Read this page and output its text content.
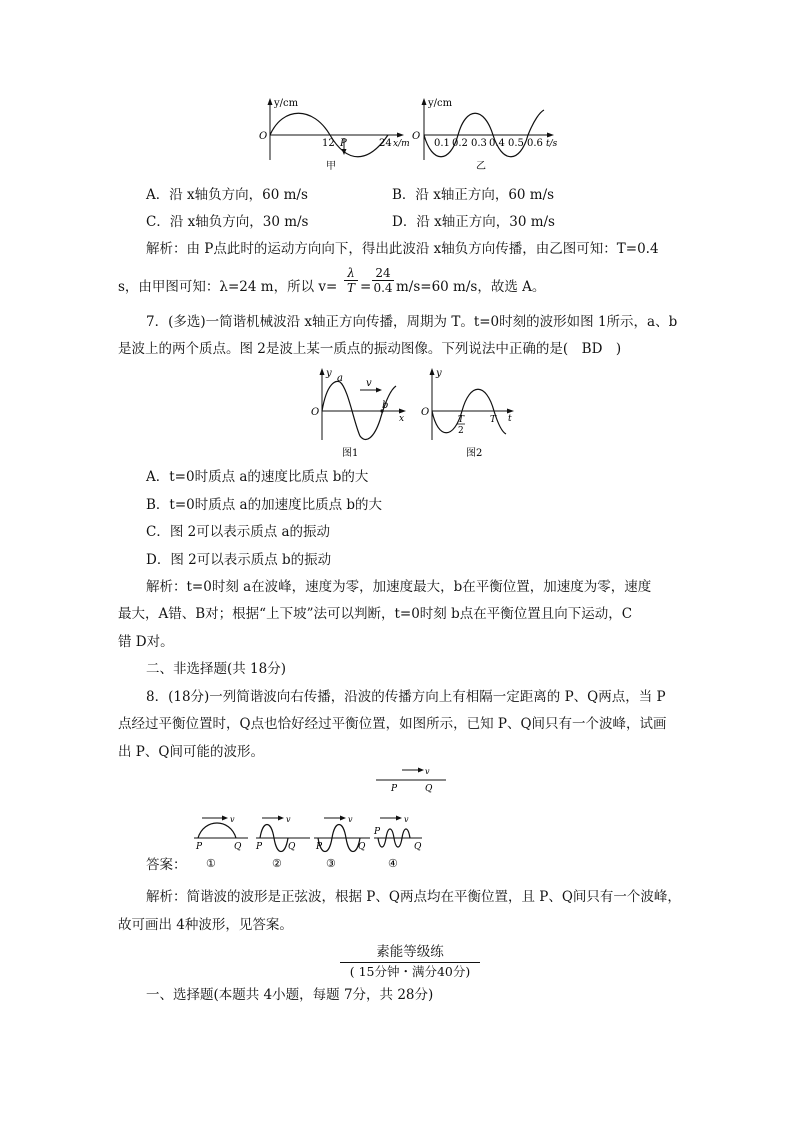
y/cm
O
12 P	24 x/m
甲
y/cm
O
0.1 0.2 0.3 0.4 0.5 0.6 t/s
乙
A．沿 x轴负方向，60 m/s	B．沿 x轴正方向，60 m/s
C．沿 x轴负方向，30 m/s	D．沿 x轴正方向，30 m/s
解析：由 P点此时的运动方向向下，得出此波沿 x轴负方向传播，由乙图可知：T=0.4
s，由甲图可知：λ=24 m，所以 $v= \frac{\lambda}{T} = \frac{24}{0.4} m/s=60$ m/s，故选 A。
7．(多选)一简谐机械波沿 x轴正方向传播，周期为 T。t=0时刻的波形如图 1所示，a、b
是波上的两个质点。图 2是波上某一质点的振动图像。下列说法中正确的是(　BD　)
y a v
O
b
x
图1
y
O
T
2
T t
图2
A．t=0时质点 a的速度比质点 b的大
B．t=0时质点 a的加速度比质点 b的大
C．图 2可以表示质点 a的振动
D．图 2可以表示质点 b的振动
解析：t=0时刻 a在波峰，速度为零，加速度最大，b在平衡位置，加速度为零，速度
最大，A错、B对；根据“上下坡”法可以判断，t=0时刻 b点在平衡位置且向下运动，C
错 D对。
二、非选择题(共 18分)
8．(18分)一列简谐波向右传播，沿波的传播方向上有相隔一定距离的 P、Q两点，当 P
点经过平衡位置时，Q点也恰好经过平衡位置，如图所示，已知 P、Q间只有一个波峰，试画
出 P、Q间可能的波形。
v
P	Q
v
P	Q
①
v
P	Q
②
v
P	Q
③
v
P
Q
④
答案：
解析：简谐波的波形是正弦波，根据 P、Q两点均在平衡位置，且 P、Q间只有一个波峰，
故可画出 4种波形，见答案。
素能等级练
( 15分钟・满分40分)
一、选择题(本题共 4小题，每题 7分，共 28分)
